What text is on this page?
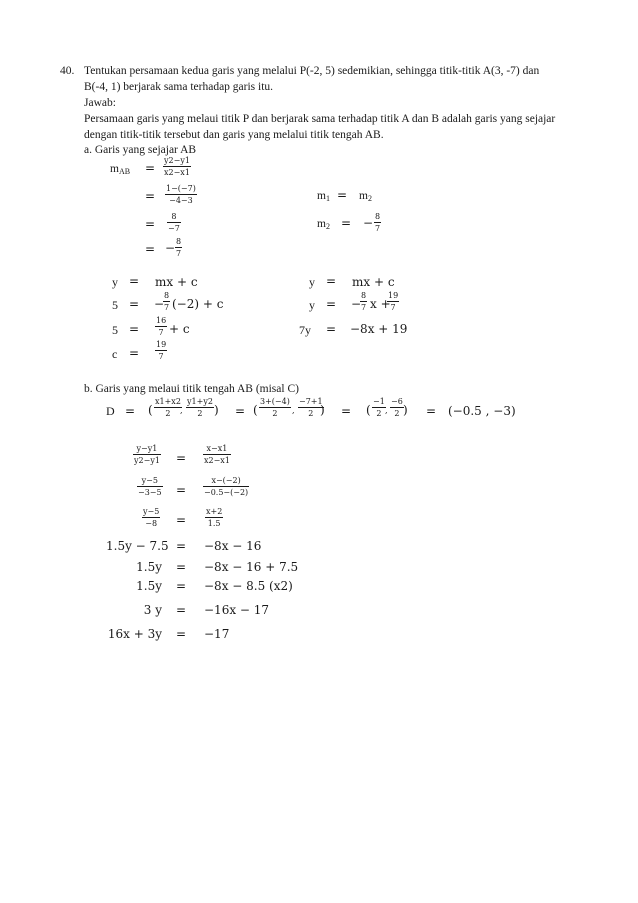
40. Tentukan persamaan kedua garis yang melalui P(-2, 5) sedemikian, sehingga titik-titik A(3, -7) dan
B(-4, 1) berjarak sama terhadap garis itu.
Jawab:
Persamaan garis yang melaui titik P dan berjarak sama terhadap titik A dan B adalah garis yang sejajar
dengan titik-titik tersebut dan garis yang melalui titik tengah AB.
a. Garis yang sejajar AB
$m_{AB} = \frac{y2-y1}{x2-x1}$
= $\frac{1-(-7)}{-4-3}$
= $\frac{8}{-7}$
= − $\frac{8}{7}$
$m_1 = m_2$
$m_2$ = − $\frac{8}{7}$
y = mx + c
5 = −
$\frac{8}{7} (-2) + c$
$5 = \frac{16}{7} + c$
$c = \frac{19}{7}$
y = mx + c
y = −
$\frac{8}{7}$ x +
$\frac{19}{7}$
7y = −8x + 19
b. Garis yang melaui titik tengah AB (misal C)
D = ( $\frac{x1+x2}{2}$
, $\frac{y1+y2}{2}$ ) = ( $\frac{3+(-4)}{2}$ , $\frac{-7+1}{2}$
) = ( $\frac{-1}{2}$ , $\frac{-6}{2}$ ) = (−0.5 , −3)
$\frac{y-y1}{y2-y1} = \frac{x-x1}{x2-x1}$
$\frac{y-5}{-3-5} = \frac{x-(-2)}{-0.5-(-2)}$
$\frac{y-5}{-8} = \frac{x+2}{1.5}$
1.5y − 7.5 = −8x − 16
1.5y = −8x − 16 + 7.5
1.5y = −8x − 8.5 (x2)
3 y = −16x − 17
16x + 3y = −17
